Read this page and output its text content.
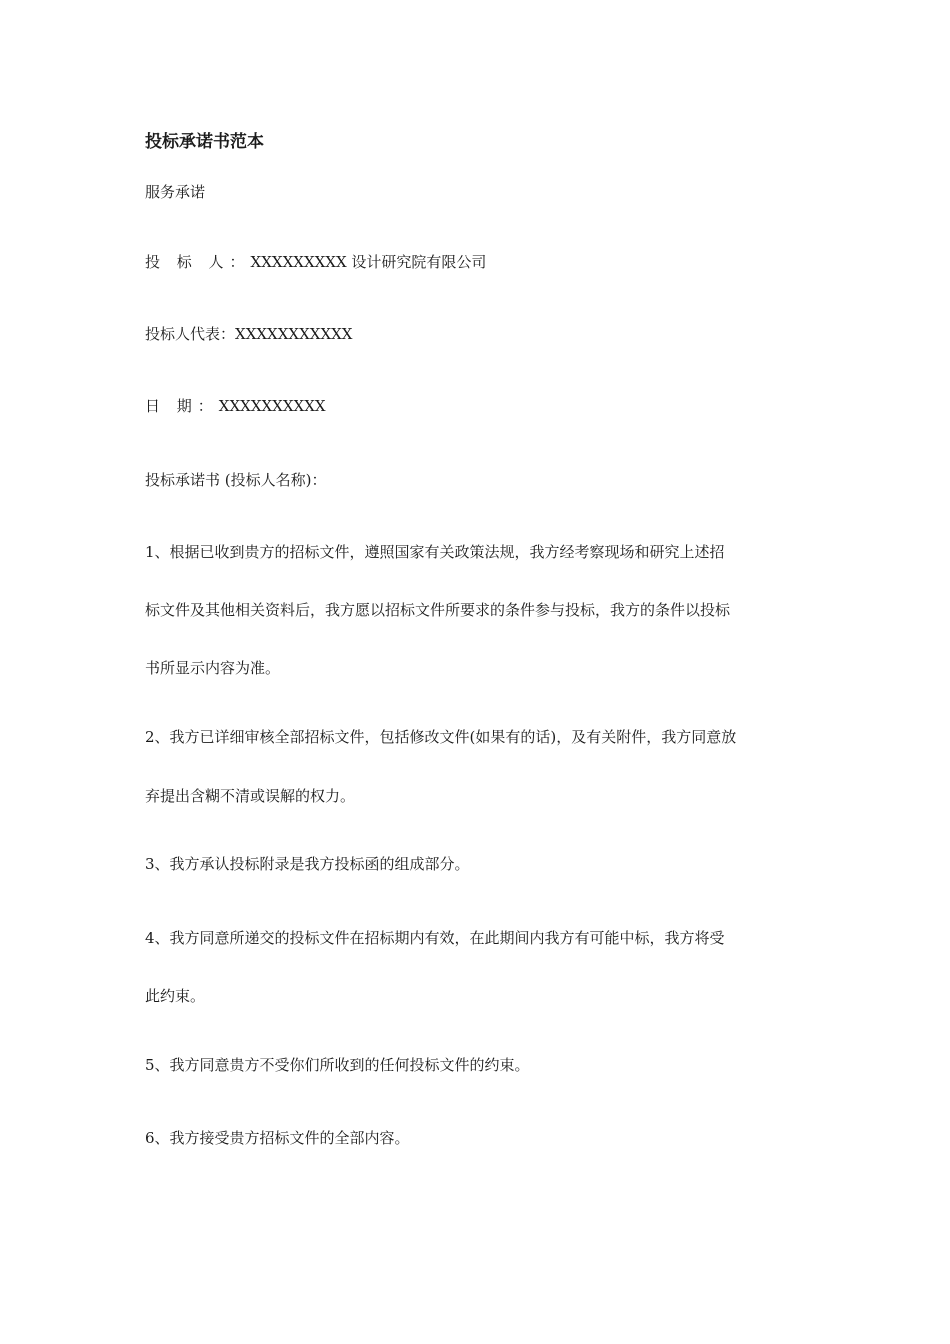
投标承诺书范本
服务承诺
投 标 人：XXXXXXXXX 设计研究院有限公司
投标人代表：XXXXXXXXXXX
日 期：XXXXXXXXXX
投标承诺书 (投标人名称)：
1、根据已收到贵方的招标文件，遵照国家有关政策法规，我方经考察现场和研究上述招
标文件及其他相关资料后，我方愿以招标文件所要求的条件参与投标，我方的条件以投标
书所显示内容为准。
2、我方已详细审核全部招标文件，包括修改文件(如果有的话)，及有关附件，我方同意放
弃提出含糊不清或误解的权力。
3、我方承认投标附录是我方投标函的组成部分。
4、我方同意所递交的投标文件在招标期内有效，在此期间内我方有可能中标，我方将受
此约束。
5、我方同意贵方不受你们所收到的任何投标文件的约束。
6、我方接受贵方招标文件的全部内容。
